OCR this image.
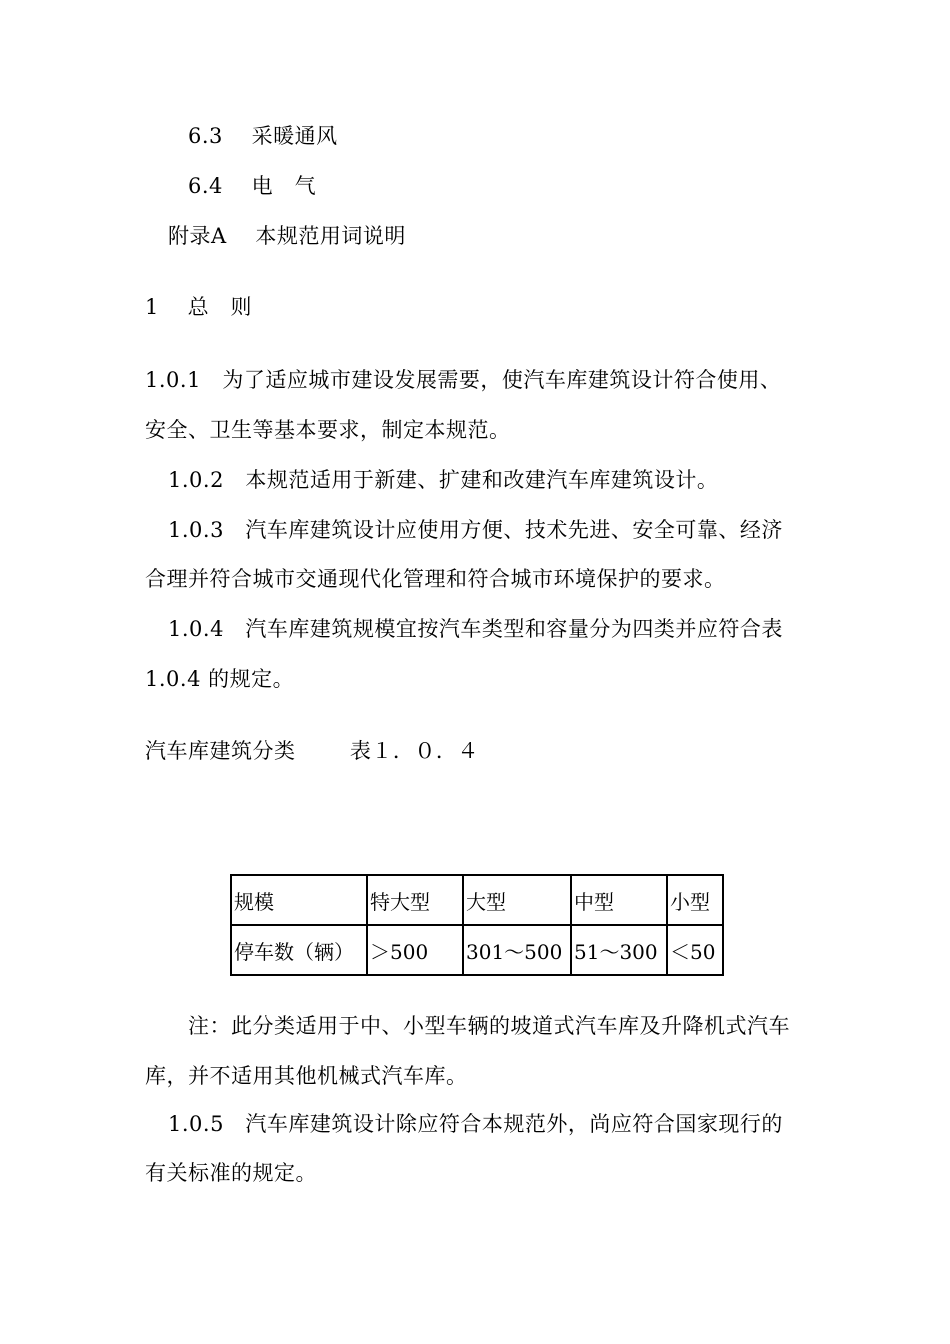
6.3　 采暖通风
6.4　 电　气
附录A　 本规范用词说明
1　 总　则
1.0.1　为了适应城市建设发展需要，使汽车库建筑设计符合使用、
安全、卫生等基本要求，制定本规范。
1.0.2　本规范适用于新建、扩建和改建汽车库建筑设计。
1.0.3　汽车库建筑设计应使用方便、技术先进、安全可靠、经济
合理并符合城市交通现代化管理和符合城市环境保护的要求。
1.0.4　汽车库建筑规模宜按汽车类型和容量分为四类并应符合表
1.0.4 的规定。
汽车库建筑分类	表１．０．４
规模	特大型	大型	中型	小型
停车数（辆）	＞500	301～500	51～300	＜50
注：此分类适用于中、小型车辆的坡道式汽车库及升降机式汽车
库，并不适用其他机械式汽车库。
1.0.5　汽车库建筑设计除应符合本规范外，尚应符合国家现行的
有关标准的规定。
